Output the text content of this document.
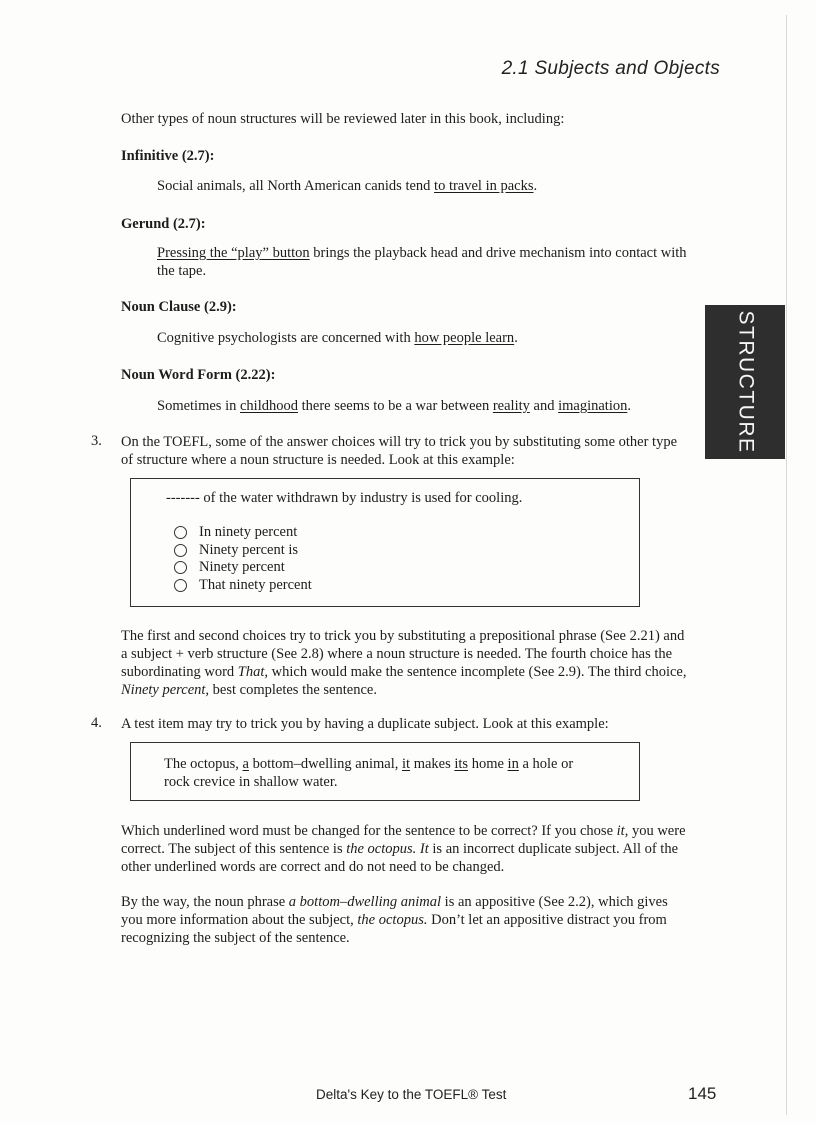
2.1 Subjects and Objects
Other types of noun structures will be reviewed later in this book, including:
Infinitive (2.7):
Social animals, all North American canids tend to travel in packs.
Gerund (2.7):
Pressing the “play” button brings the playback head and drive mechanism into contact with
the tape.
Noun Clause (2.9):
Cognitive psychologists are concerned with how people learn.
Noun Word Form (2.22):
Sometimes in childhood there seems to be a war between reality and imagination.	STRUCTURE
3. On the TOEFL, some of the answer choices will try to trick you by substituting some other type
of structure where a noun structure is needed. Look at this example:
------- of the water withdrawn by industry is used for cooling.
In ninety percent
Ninety percent is
Ninety percent
That ninety percent
The first and second choices try to trick you by substituting a prepositional phrase (See 2.21) and
a subject + verb structure (See 2.8) where a noun structure is needed. The fourth choice has the
subordinating word That, which would make the sentence incomplete (See 2.9). The third choice,
Ninety percent, best completes the sentence.
4. A test item may try to trick you by having a duplicate subject. Look at this example:
The octopus, a bottom–dwelling animal, it makes its home in a hole or
rock crevice in shallow water.
Which underlined word must be changed for the sentence to be correct? If you chose it, you were
correct. The subject of this sentence is the octopus. It is an incorrect duplicate subject. All of the
other underlined words are correct and do not need to be changed.
By the way, the noun phrase a bottom–dwelling animal is an appositive (See 2.2), which gives
you more information about the subject, the octopus. Don’t let an appositive distract you from
recognizing the subject of the sentence.
Delta's Key to the TOEFL® Test	145
